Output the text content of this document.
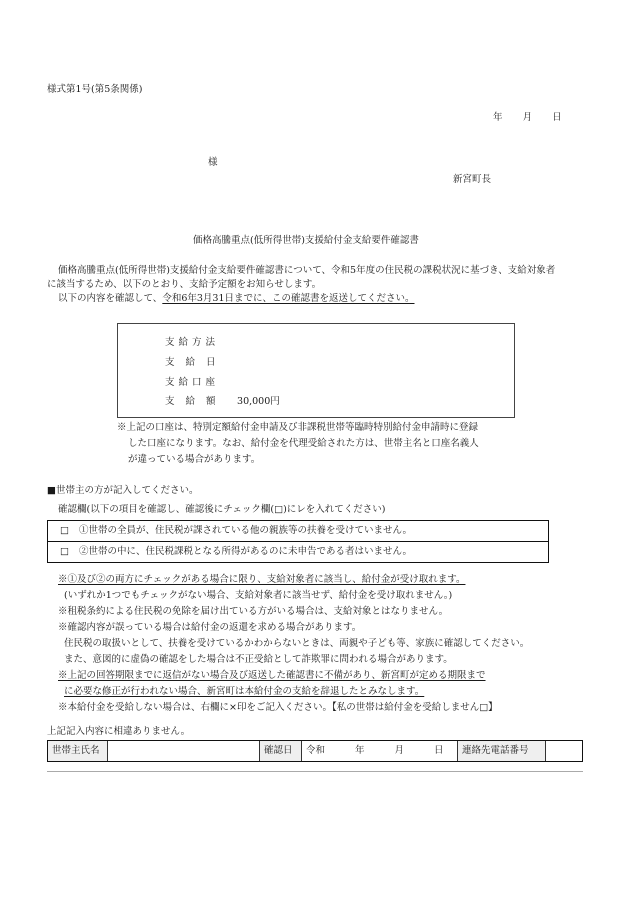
様式第1号(第5条関係)
年 月 日
様
新宮町長
価格高騰重点(低所得世帯)支援給付金支給要件確認書
価格高騰重点(低所得世帯)支援給付金支給要件確認書について、令和5年度の住民税の課税状況に基づき、支給対象者
に該当するため、以下のとおり、支給予定額をお知らせします。
以下の内容を確認して、令和6年3月31日までに、この確認書を返送してください。
支給方法
支 給 日
支給口座
支 給 額 30,000円
※上記の口座は、特別定額給付金申請及び非課税世帯等臨時特別給付金申請時に登録
した口座になります。なお、給付金を代理受給された方は、世帯主名と口座名義人
が違っている場合があります。
■世帯主の方が記入してください。
確認欄(以下の項目を確認し、確認後にチェック欄(□)にレを入れてください)
□ ①世帯の全員が、住民税が課されている他の親族等の扶養を受けていません。
□ ②世帯の中に、住民税課税となる所得があるのに未申告である者はいません。
※①及び②の両方にチェックがある場合に限り、支給対象者に該当し、給付金が受け取れます。
(いずれか1つでもチェックがない場合、支給対象者に該当せず、給付金を受け取れません。)
※租税条約による住民税の免除を届け出ている方がいる場合は、支給対象とはなりません。
※確認内容が誤っている場合は給付金の返還を求める場合があります。
住民税の取扱いとして、扶養を受けているかわからないときは、両親や子ども等、家族に確認してください。
また、意図的に虚偽の確認をした場合は不正受給として詐欺罪に問われる場合があります。
※上記の回答期限までに返信がない場合及び返送した確認書に不備があり、新宮町が定める期限まで
に必要な修正が行われない場合、新宮町は本給付金の支給を辞退したとみなします。
※本給付金を受給しない場合は、右欄に×印をご記入ください。【私の世帯は給付金を受給しません□】
上記記入内容に相違ありません。
世帯主氏名	確認日	令和	年	月	日	連絡先電話番号
